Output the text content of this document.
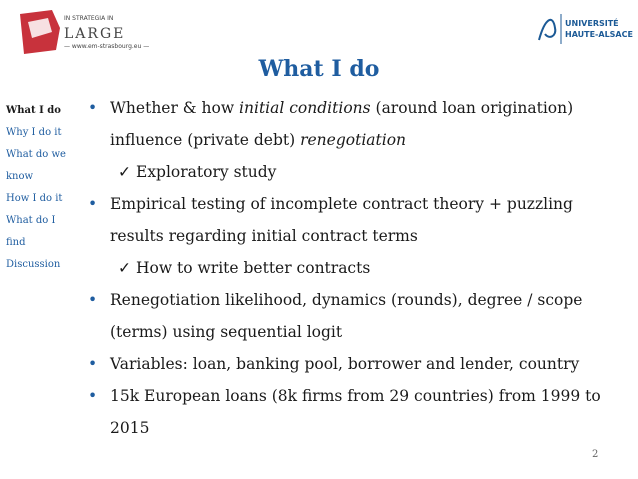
IN STRATEGIA IN
LARGE
— www.em-strasbourg.eu —
UNIVERSITÉ
HAUTE-ALSACE
What I do
What I do
Why I do it
What do we know
How I do it
What do I find
Discussion
• Whether & how initial conditions (around loan origination) influence (private debt) renegotiation
✓ Exploratory study
• Empirical testing of incomplete contract theory + puzzling results regarding initial contract terms
✓ How to write better contracts
• Renegotiation likelihood, dynamics (rounds), degree / scope (terms) using sequential logit
• Variables: loan, banking pool, borrower and lender, country
• 15k European loans (8k firms from 29 countries) from 1999 to 2015
2
